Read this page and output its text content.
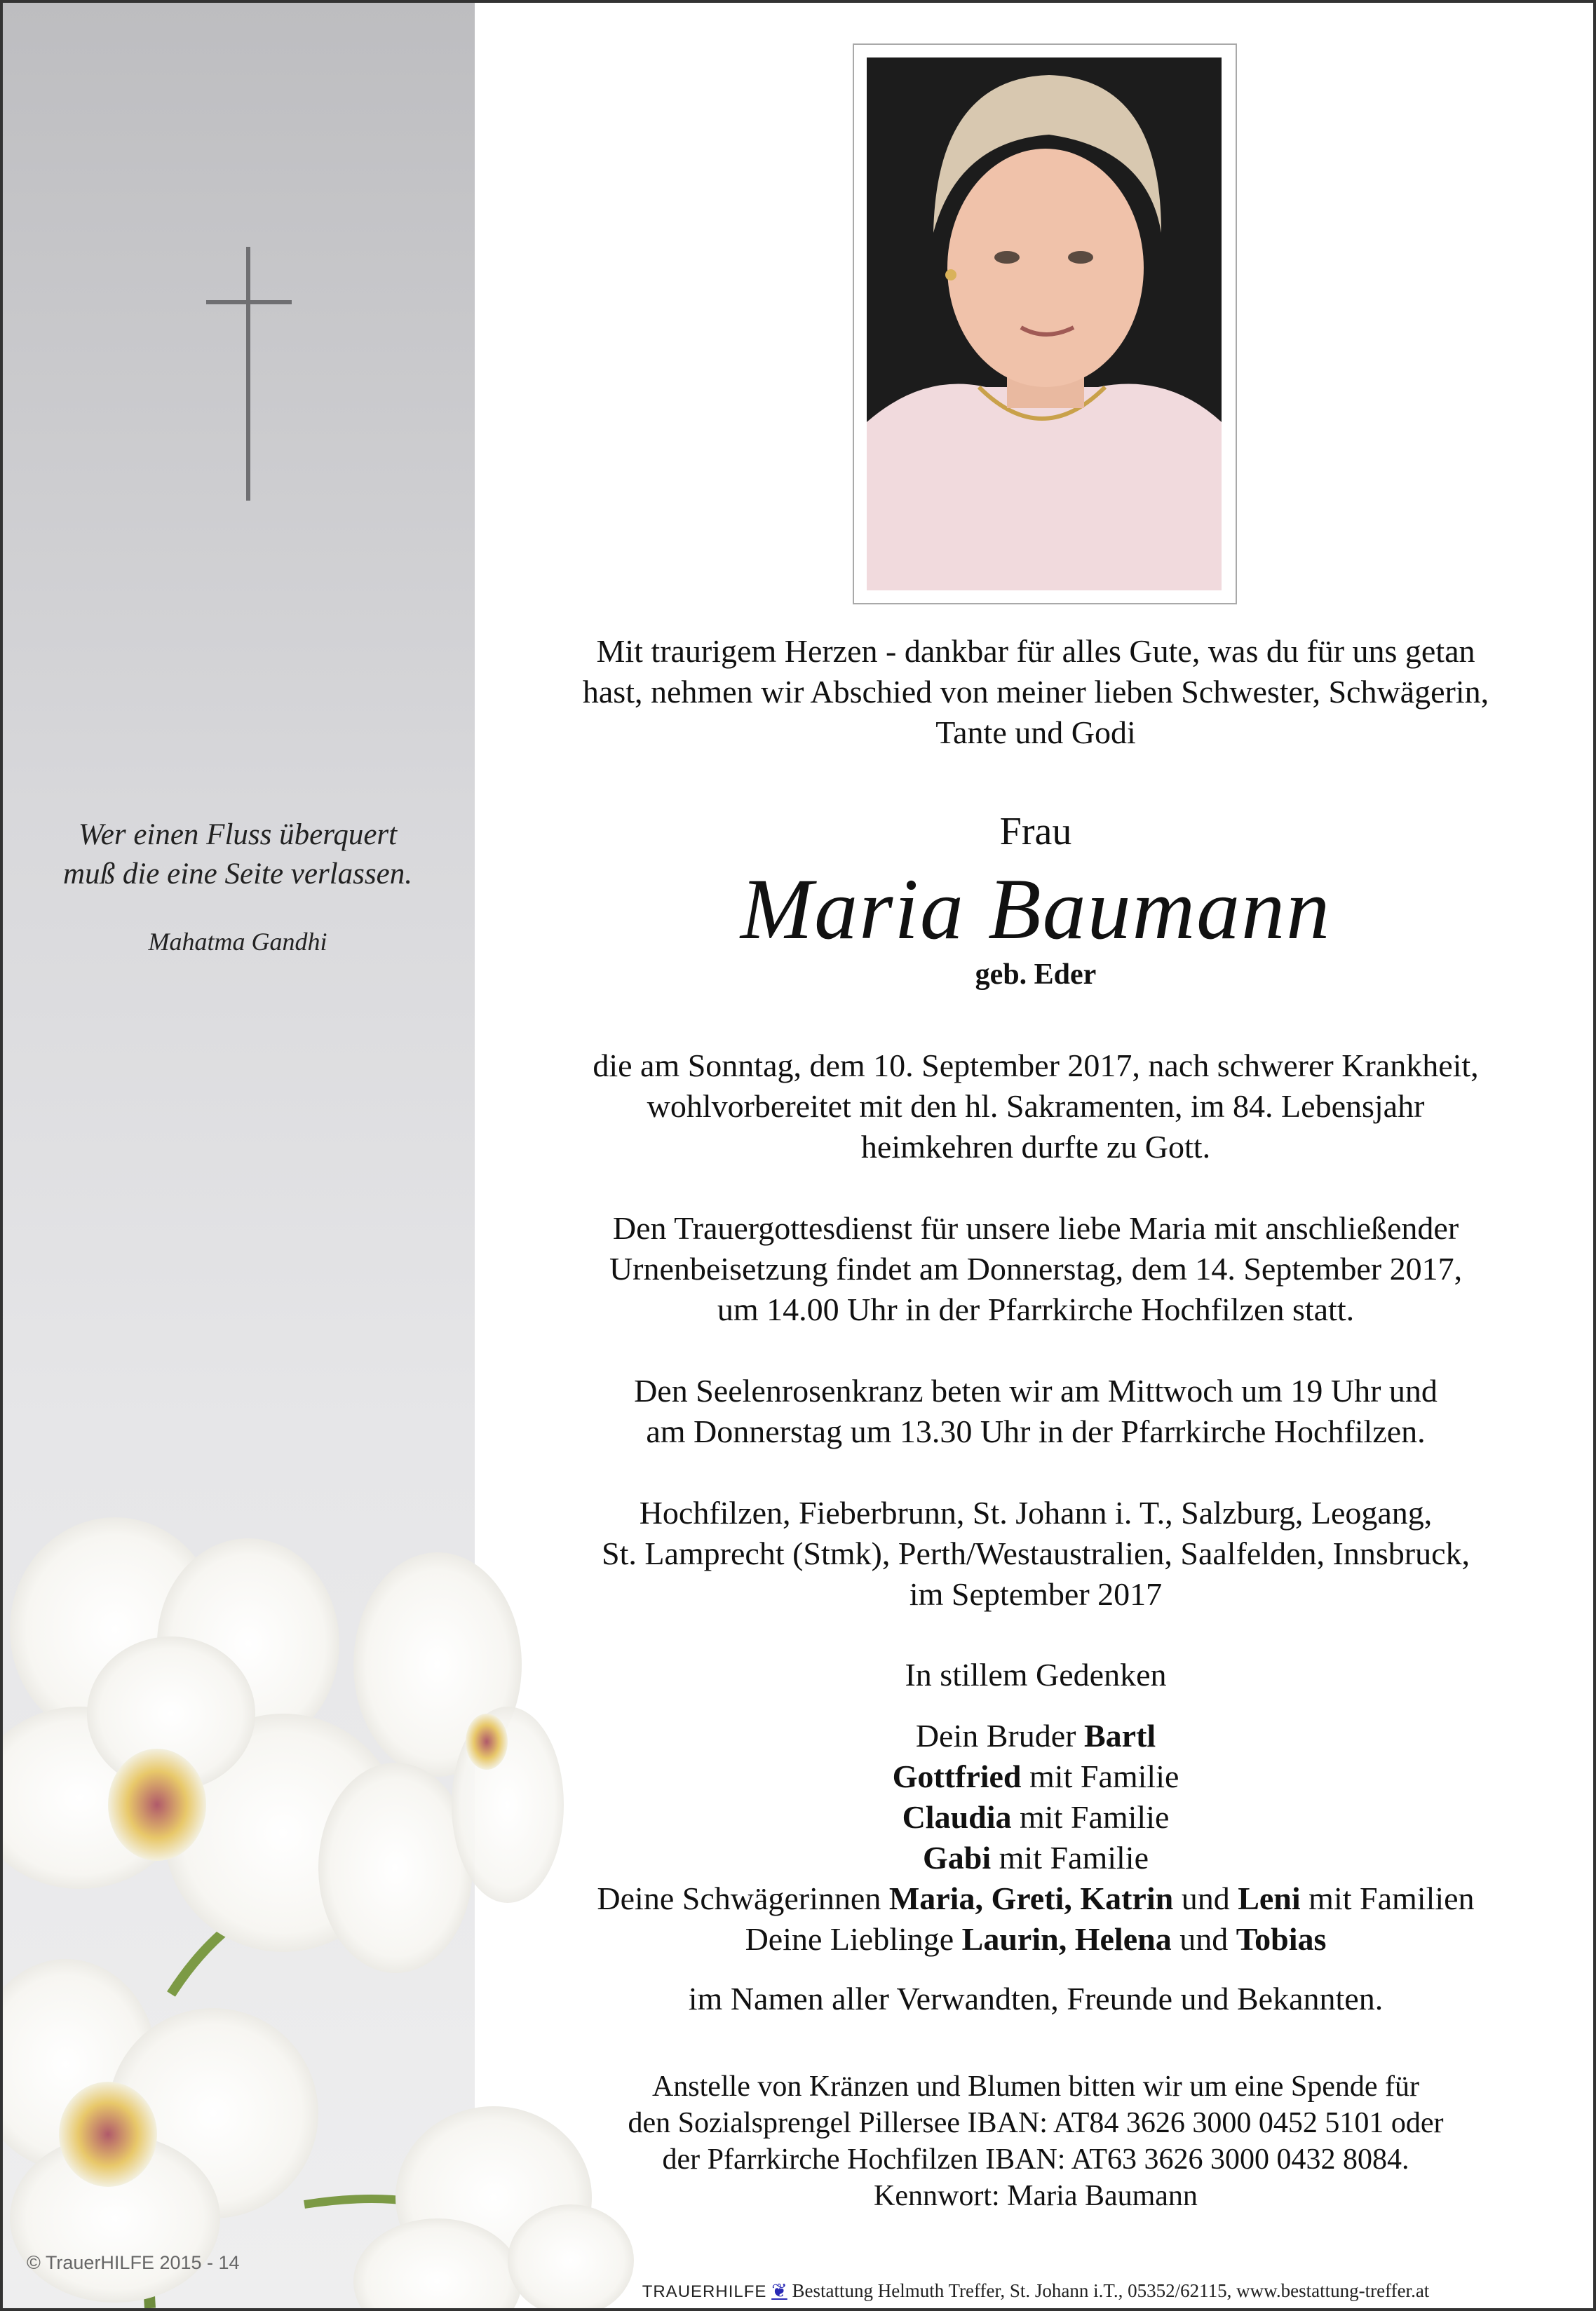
Wer einen Fluss überquert
muß die eine Seite verlassen.
Mahatma Gandhi
© TrauerHILFE 2015 - 14
Mit traurigem Herzen - dankbar für alles Gute, was du für uns getan
hast, nehmen wir Abschied von meiner lieben Schwester, Schwägerin,
Tante und Godi
Frau
Maria Baumann
geb. Eder
die am Sonntag, dem 10. September 2017, nach schwerer Krankheit,
wohlvorbereitet mit den hl. Sakramenten, im 84. Lebensjahr
heimkehren durfte zu Gott.
Den Trauergottesdienst für unsere liebe Maria mit anschließender
Urnenbeisetzung findet am Donnerstag, dem 14. September 2017,
um 14.00 Uhr in der Pfarrkirche Hochfilzen statt.
Den Seelenrosenkranz beten wir am Mittwoch um 19 Uhr und
am Donnerstag um 13.30 Uhr in der Pfarrkirche Hochfilzen.
Hochfilzen, Fieberbrunn, St. Johann i. T., Salzburg, Leogang,
St. Lamprecht (Stmk), Perth/Westaustralien, Saalfelden, Innsbruck,
im September 2017
In stillem Gedenken
Dein Bruder Bartl
Gottfried mit Familie
Claudia mit Familie
Gabi mit Familie
Deine Schwägerinnen Maria, Greti, Katrin und Leni mit Familien
Deine Lieblinge Laurin, Helena und Tobias
im Namen aller Verwandten, Freunde und Bekannten.
Anstelle von Kränzen und Blumen bitten wir um eine Spende für
den Sozialsprengel Pillersee IBAN: AT84 3626 3000 0452 5101 oder
der Pfarrkirche Hochfilzen IBAN: AT63 3626 3000 0432 8084.
Kennwort: Maria Baumann
TRAUERHILFE ❦ Bestattung Helmuth Treffer, St. Johann i.T., 05352/62115, www.bestattung-treffer.at
